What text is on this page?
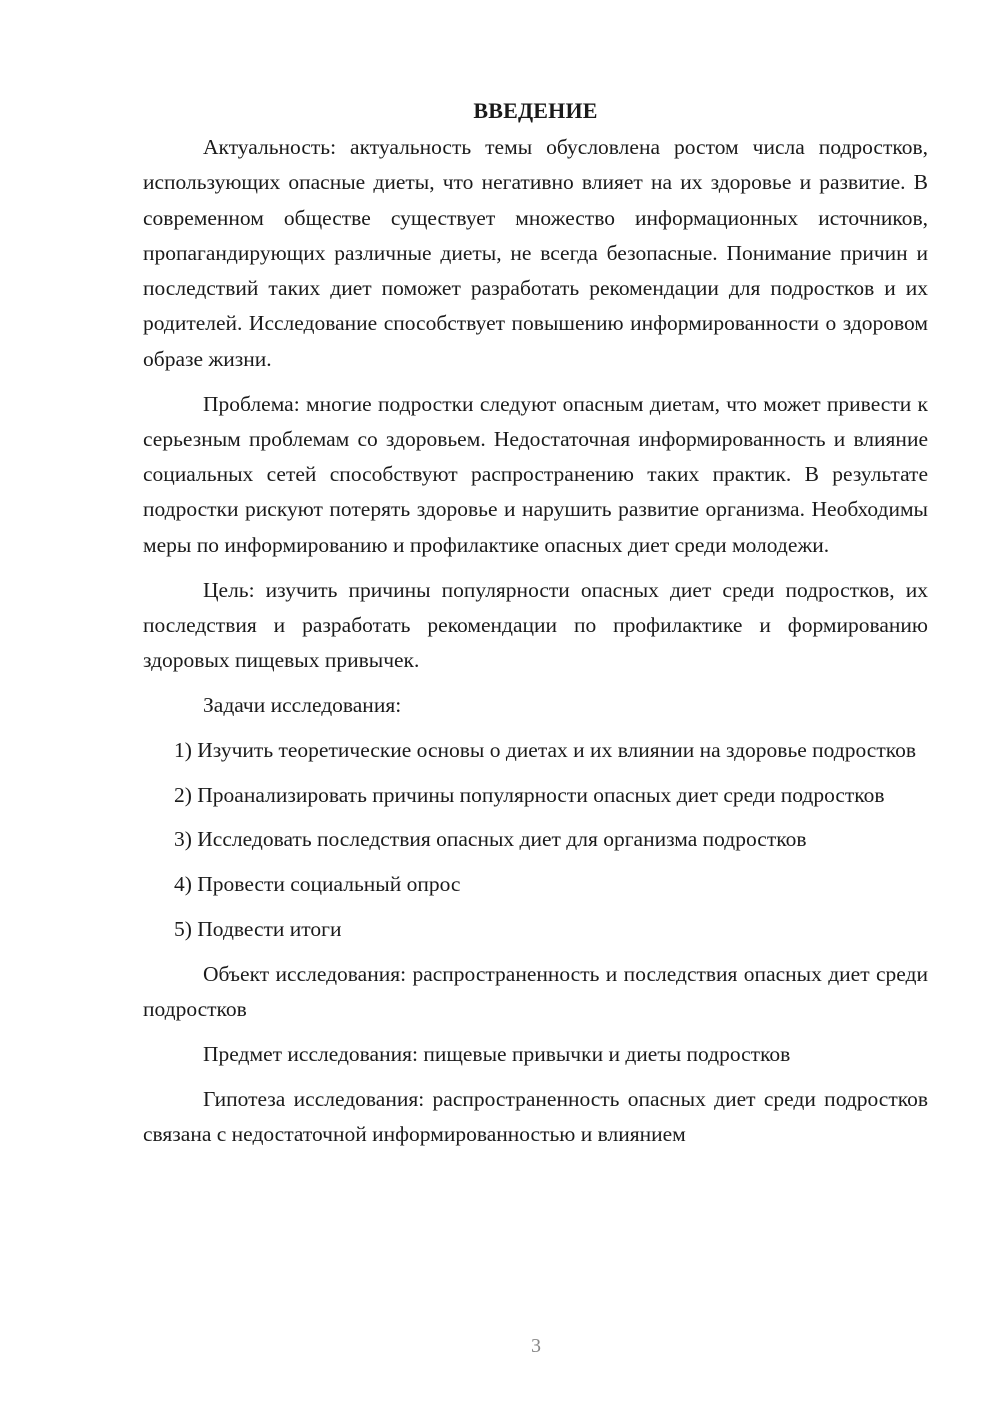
ВВЕДЕНИЕ

Актуальность: актуальность темы обусловлена ростом числа подростков, использующих опасные диеты, что негативно влияет на их здоровье и развитие. В современном обществе существует множество информационных источников, пропагандирующих различные диеты, не всегда безопасные. Понимание причин и последствий таких диет поможет разработать рекомендации для подростков и их родителей. Исследование способствует повышению информированности о здоровом образе жизни.

Проблема: многие подростки следуют опасным диетам, что может привести к серьезным проблемам со здоровьем. Недостаточная информированность и влияние социальных сетей способствуют распространению таких практик. В результате подростки рискуют потерять здоровье и нарушить развитие организма. Необходимы меры по информированию и профилактике опасных диет среди молодежи.

Цель: изучить причины популярности опасных диет среди подростков, их последствия и разработать рекомендации по профилактике и формированию здоровых пищевых привычек.

Задачи исследования:

1) Изучить теоретические основы о диетах и их влиянии на здоровье подростков

2) Проанализировать причины популярности опасных диет среди подростков

3) Исследовать последствия опасных диет для организма подростков

4) Провести социальный опрос

5) Подвести итоги

Объект исследования: распространенность и последствия опасных диет среди подростков

Предмет исследования: пищевые привычки и диеты подростков

Гипотеза исследования: распространенность опасных диет среди подростков связана с недостаточной информированностью и влиянием

3
